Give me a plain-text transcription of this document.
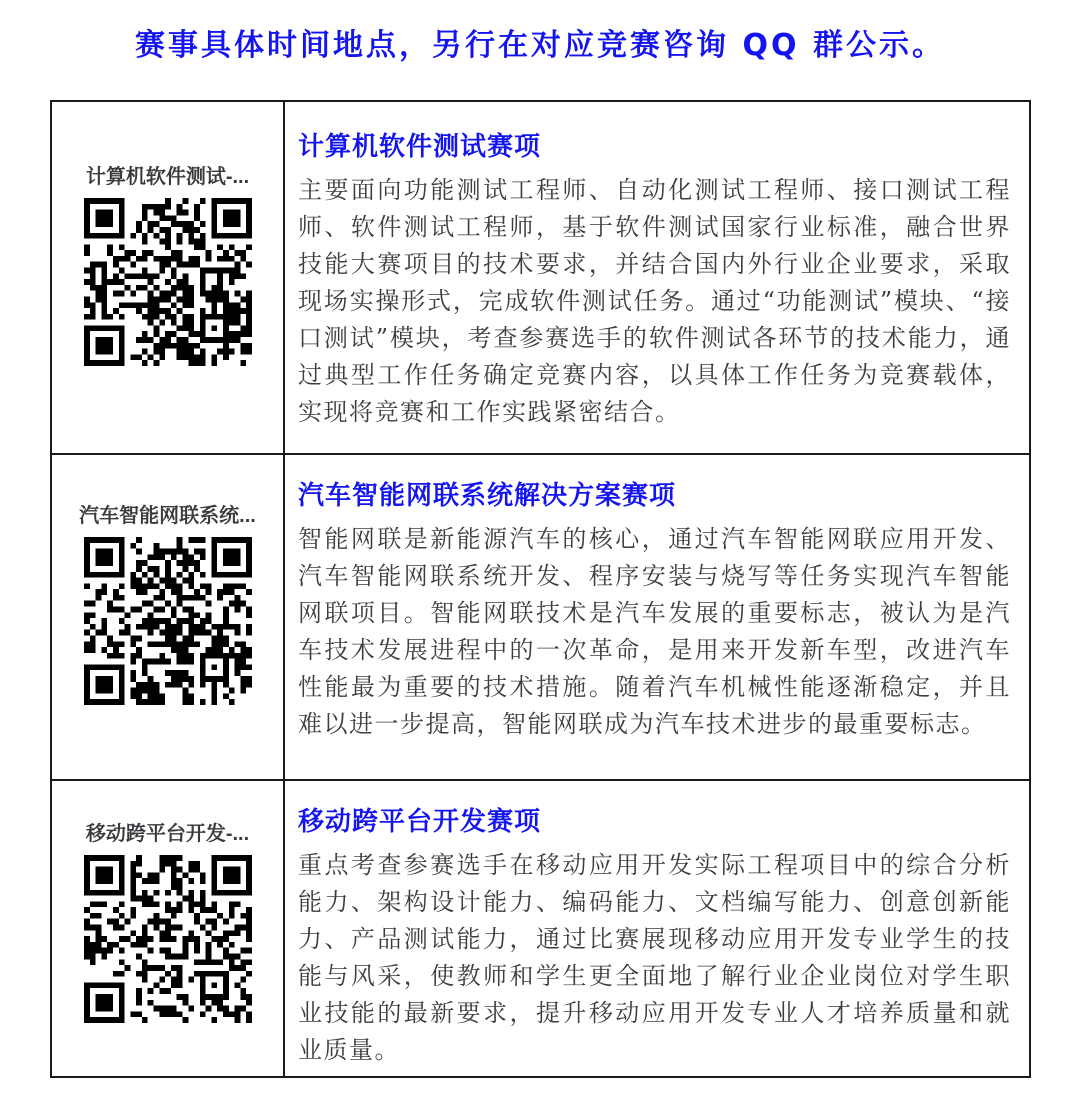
赛事具体时间地点，另行在对应竞赛咨询 QQ 群公示。
计算机软件测试-...
计算机软件测试赛项
主要面向功能测试工程师、自动化测试工程师、接口测试工程师、软件测试工程师，基于软件测试国家行业标准，融合世界技能大赛项目的技术要求，并结合国内外行业企业要求，采取现场实操形式，完成软件测试任务。通过“功能测试”模块、“接口测试”模块，考查参赛选手的软件测试各环节的技术能力，通过典型工作任务确定竞赛内容，以具体工作任务为竞赛载体，实现将竞赛和工作实践紧密结合。
汽车智能网联系统...
汽车智能网联系统解决方案赛项
智能网联是新能源汽车的核心，通过汽车智能网联应用开发、汽车智能网联系统开发、程序安装与烧写等任务实现汽车智能网联项目。智能网联技术是汽车发展的重要标志，被认为是汽车技术发展进程中的一次革命，是用来开发新车型，改进汽车性能最为重要的技术措施。随着汽车机械性能逐渐稳定，并且难以进一步提高，智能网联成为汽车技术进步的最重要标志。
移动跨平台开发-... 移动跨平台开发赛项
重点考查参赛选手在移动应用开发实际工程项目中的综合分析能力、架构设计能力、编码能力、文档编写能力、创意创新能力、产品测试能力，通过比赛展现移动应用开发专业学生的技能与风采，使教师和学生更全面地了解行业企业岗位对学生职业技能的最新要求，提升移动应用开发专业人才培养质量和就业质量。
